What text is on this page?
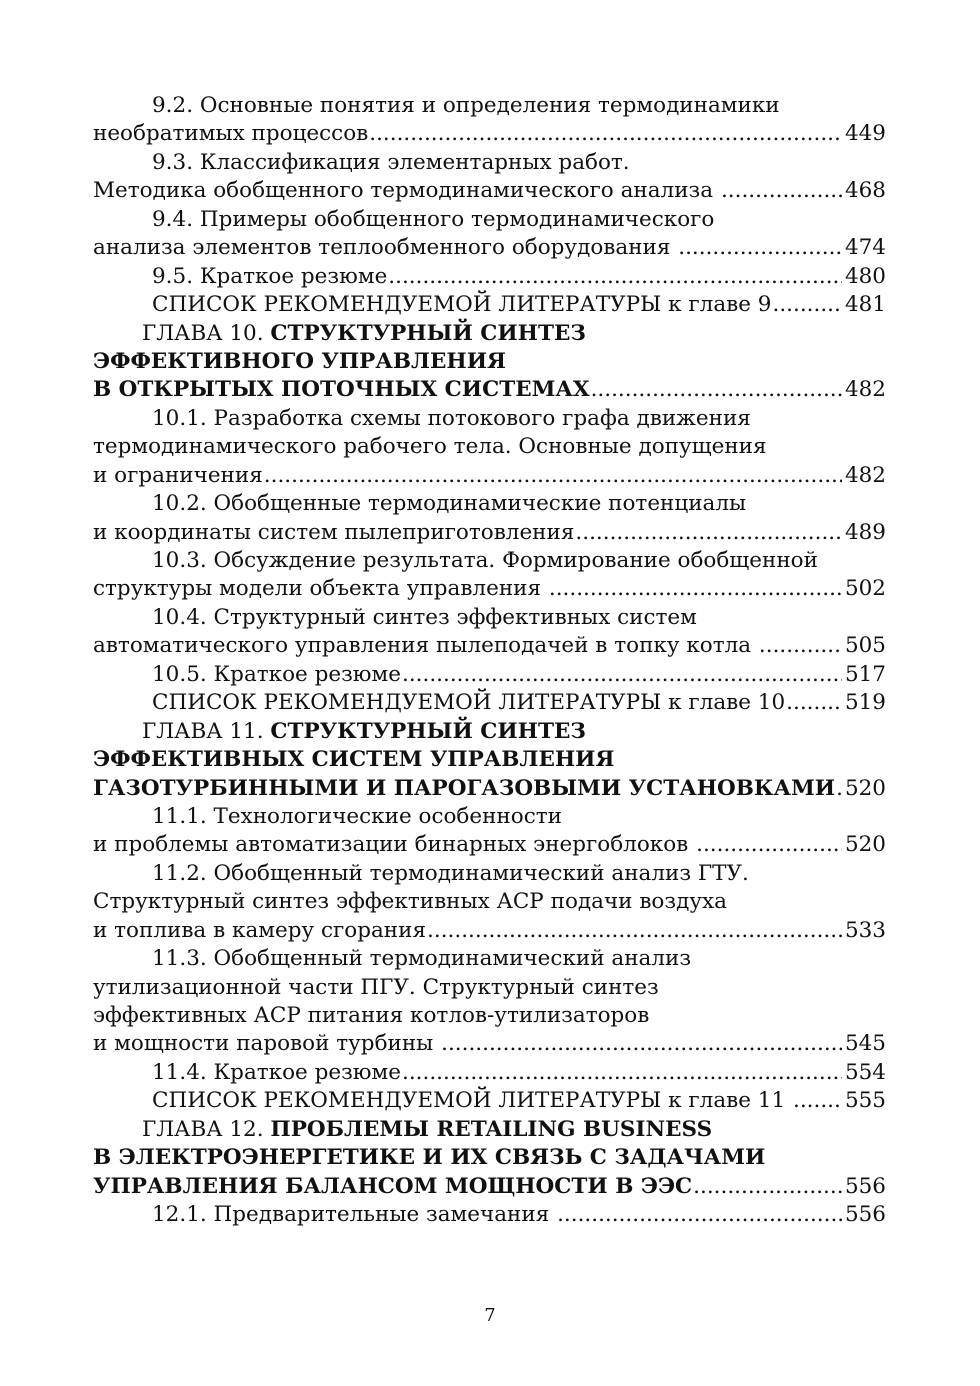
9.2. Основные понятия и определения термодинамики
необратимых процессов .....	449
9.3. Классификация элементарных работ.
Методика обобщенного термодинамического анализа .....	468
9.4. Примеры обобщенного термодинамического
анализа элементов теплообменного оборудования .....	474
9.5. Краткое резюме .....	480
СПИСОК РЕКОМЕНДУЕМОЙ ЛИТЕРАТУРЫ к главе 9 .....	481
ГЛАВА 10. СТРУКТУРНЫЙ СИНТЕЗ
ЭФФЕКТИВНОГО УПРАВЛЕНИЯ
В ОТКРЫТЫХ ПОТОЧНЫХ СИСТЕМАХ .....	482
10.1. Разработка схемы потокового графа движения
термодинамического рабочего тела. Основные допущения
и ограничения .....	482
10.2. Обобщенные термодинамические потенциалы
и координаты систем пылеприготовления .....	489
10.3. Обсуждение результата. Формирование обобщенной
структуры модели объекта управления .....	502
10.4. Структурный синтез эффективных систем
автоматического управления пылеподачей в топку котла .....	505
10.5. Краткое резюме .....	517
СПИСОК РЕКОМЕНДУЕМОЙ ЛИТЕРАТУРЫ к главе 10 .....	519
ГЛАВА 11. СТРУКТУРНЫЙ СИНТЕЗ
ЭФФЕКТИВНЫХ СИСТЕМ УПРАВЛЕНИЯ
ГАЗОТУРБИННЫМИ И ПАРОГАЗОВЫМИ УСТАНОВКАМИ ..... 520
11.1. Технологические особенности
и проблемы автоматизации бинарных энергоблоков .....	520
11.2. Обобщенный термодинамический анализ ГТУ.
Структурный синтез эффективных АСР подачи воздуха
и топлива в камеру сгорания .....	533
11.3. Обобщенный термодинамический анализ
утилизационной части ПГУ. Структурный синтез
эффективных АСР питания котлов-утилизаторов
и мощности паровой турбины .....	545
11.4. Краткое резюме .....	554
СПИСОК РЕКОМЕНДУЕМОЙ ЛИТЕРАТУРЫ к главе 11 ..... 555
ГЛАВА 12. ПРОБЛЕМЫ RETAILING BUSINESS
В ЭЛЕКТРОЭНЕРГЕТИКЕ И ИХ СВЯЗЬ С ЗАДАЧАМИ
УПРАВЛЕНИЯ БАЛАНСОМ МОЩНОСТИ В ЭЭС .....	556
12.1. Предварительные замечания .....	556
7
